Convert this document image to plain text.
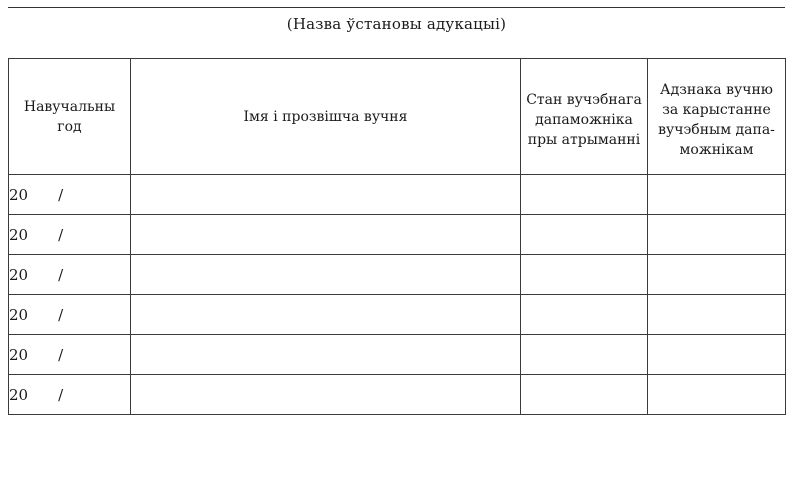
(Назва ўстановы адукацыі)
Навучальны год	Імя і прозвішча вучня	Стан вучэбнага дапаможніка пры атрыманні	Адзнака вучню за карыстанне вучэбным дапа-можнікам

20 /			
20 /			
20 /			
20 /			
20 /			
20 /			
